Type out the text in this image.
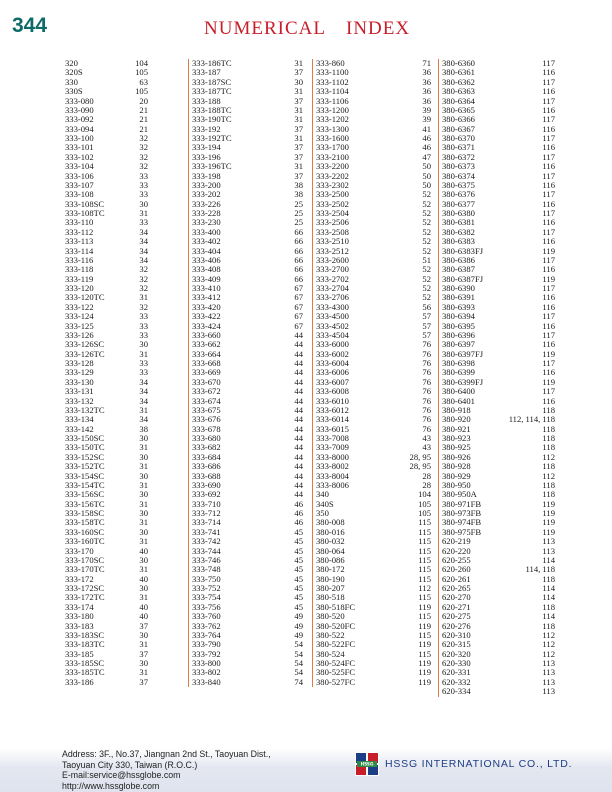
344	NUMERICAL INDEX
320	104
320S	105
330	63
330S	105
333-080	20
333-090	21
333-092	21
333-094	21
333-100	32
333-101	32
333-102	32
333-104	32
333-106	33
333-107	33
333-108	33
333-108SC	30
333-108TC	31
333-110	33
333-112	34
333-113	34
333-114	34
333-116	34
333-118	32
333-119	32
333-120	32
333-120TC	31
333-122	32
333-124	33
333-125	33
333-126	33
333-126SC	30
333-126TC	31
333-128	33
333-129	33
333-130	34
333-131	34
333-132	34
333-132TC	31
333-134	34
333-142	38
333-150SC	30
333-150TC	31
333-152SC	30
333-152TC	31
333-154SC	30
333-154TC	31
333-156SC	30
333-156TC	31
333-158SC	30
333-158TC	31
333-160SC	30
333-160TC	31
333-170	40
333-170SC	30
333-170TC	31
333-172	40
333-172SC	30
333-172TC	31
333-174	40
333-180	40
333-183	37
333-183SC	30
333-183TC	31
333-185	37
333-185SC	30
333-185TC	31
333-186	37
333-186TC	31
333-187	37
333-187SC	30
333-187TC	31
333-188	37
333-188TC	31
333-190TC	31
333-192	37
333-192TC	31
333-194	37
333-196	37
333-196TC	31
333-198	37
333-200	38
333-202	38
333-226	25
333-228	25
333-230	25
333-400	66
333-402	66
333-404	66
333-406	66
333-408	66
333-409	66
333-410	67
333-412	67
333-420	67
333-422	67
333-424	67
333-660	44
333-662	44
333-664	44
333-668	44
333-669	44
333-670	44
333-672	44
333-674	44
333-675	44
333-676	44
333-678	44
333-680	44
333-682	44
333-684	44
333-686	44
333-688	44
333-690	44
333-692	44
333-710	46
333-712	46
333-714	46
333-741	45
333-742	45
333-744	45
333-746	45
333-748	45
333-750	45
333-752	45
333-754	45
333-756	45
333-760	49
333-762	49
333-764	49
333-790	54
333-792	54
333-800	54
333-802	54
333-840	74
333-860	71
333-1100	36
333-1102	36
333-1104	36
333-1106	36
333-1200	39
333-1202	39
333-1300	41
333-1600	46
333-1700	46
333-2100	47
333-2200	50
333-2202	50
333-2302	50
333-2500	52
333-2502	52
333-2504	52
333-2506	52
333-2508	52
333-2510	52
333-2512	52
333-2600	51
333-2700	52
333-2702	52
333-2704	52
333-2706	52
333-4300	56
333-4500	57
333-4502	57
333-4504	57
333-6000	76
333-6002	76
333-6004	76
333-6006	76
333-6007	76
333-6008	76
333-6010	76
333-6012	76
333-6014	76
333-6015	76
333-7008	43
333-7009	43
333-8000	28, 95
333-8002	28, 95
333-8004	28
333-8006	28
340	104
340S	105
350	105
380-008	115
380-016	115
380-032	115
380-064	115
380-086	115
380-172	115
380-190	115
380-207	112
380-518	115
380-518FC	119
380-520	115
380-520FC	119
380-522	115
380-522FC	119
380-524	115
380-524FC	119
380-525FC	119
380-527FC	119
380-6360	117
380-6361	116
380-6362	117
380-6363	116
380-6364	117
380-6365	116
380-6366	117
380-6367	116
380-6370	117
380-6371	116
380-6372	117
380-6373	116
380-6374	117
380-6375	116
380-6376	117
380-6377	116
380-6380	117
380-6381	116
380-6382	117
380-6383	116
380-6383FJ	119
380-6386	117
380-6387	116
380-6387FJ	119
380-6390	117
380-6391	116
380-6393	116
380-6394	117
380-6395	116
380-6396	117
380-6397	116
380-6397FJ	119
380-6398	117
380-6399	116
380-6399FJ	119
380-6400	117
380-6401	116
380-918	118
380-920	112, 114, 118
380-921	118
380-923	118
380-925	118
380-926	112
380-928	118
380-929	112
380-950	118
380-950A	118
380-971FB	119
380-973FB	119
380-974FB	119
380-975FB	119
620-219	113
620-220	113
620-255	114
620-260	114, 118
620-261	118
620-265	114
620-270	114
620-271	118
620-275	114
620-276	118
620-310	112
620-315	112
620-320	112
620-330	113
620-331	113
620-332	113
620-334	113
Address: 3F., No.37, Jiangnan 2nd St., Taoyuan Dist.,
Taoyuan City 330, Taiwan (R.O.C.)
E-mail:service@hssglobe.com
http://www.hssglobe.com
HSSG HSSG INTERNATIONAL CO., LTD.
